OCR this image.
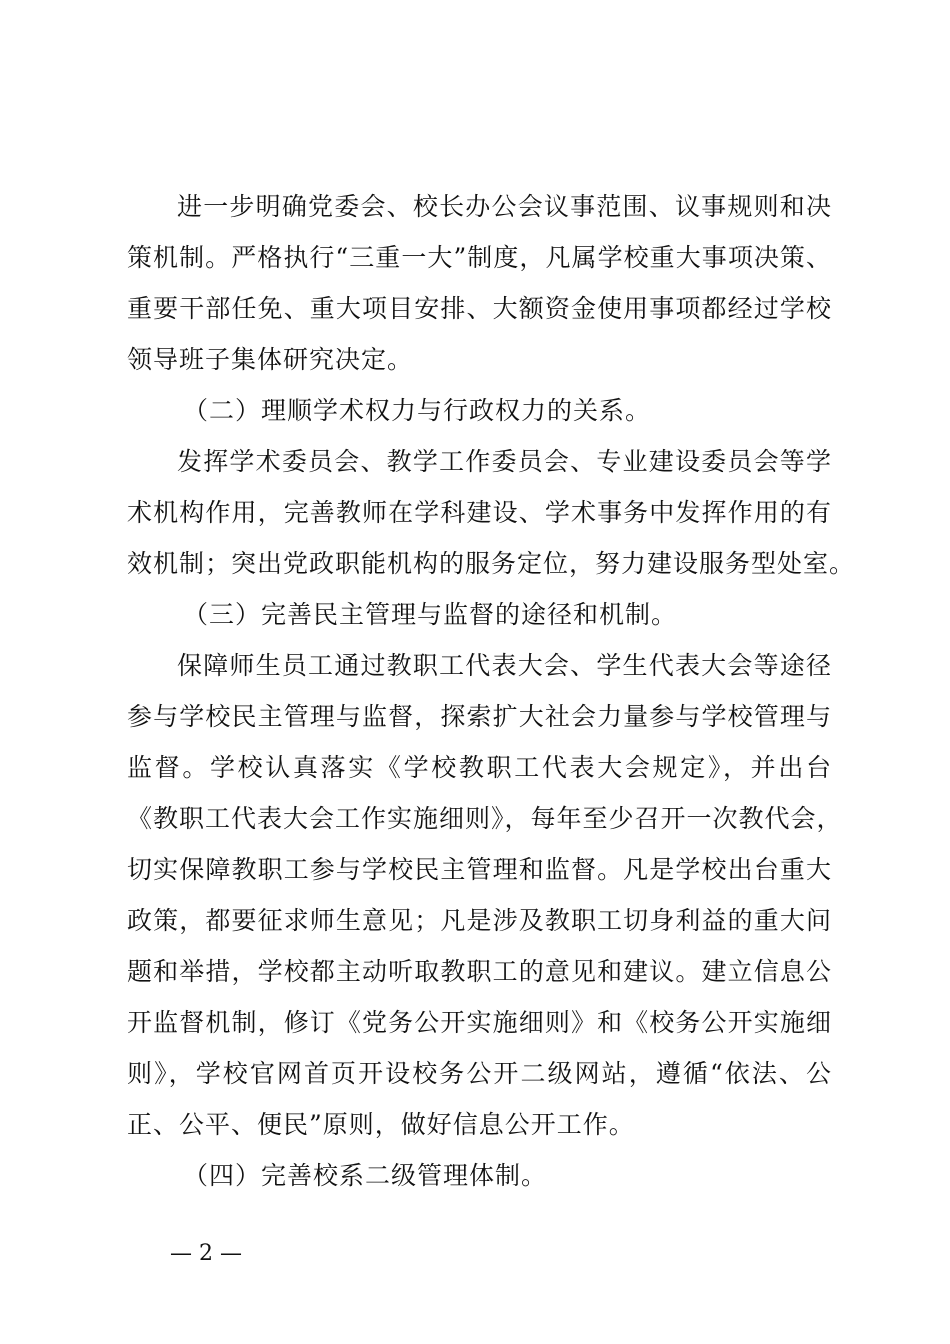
进一步明确党委会、校长办公会议事范围、议事规则和决
策机制。严格执行“三重一大”制度，凡属学校重大事项决策、
重要干部任免、重大项目安排、大额资金使用事项都经过学校
领导班子集体研究决定。
（二）理顺学术权力与行政权力的关系。
发挥学术委员会、教学工作委员会、专业建设委员会等学
术机构作用，完善教师在学科建设、学术事务中发挥作用的有
效机制；突出党政职能机构的服务定位，努力建设服务型处室。
（三）完善民主管理与监督的途径和机制。
保障师生员工通过教职工代表大会、学生代表大会等途径
参与学校民主管理与监督，探索扩大社会力量参与学校管理与
监督。学校认真落实《学校教职工代表大会规定》，并出台
《教职工代表大会工作实施细则》，每年至少召开一次教代会，
切实保障教职工参与学校民主管理和监督。凡是学校出台重大
政策，都要征求师生意见；凡是涉及教职工切身利益的重大问
题和举措，学校都主动听取教职工的意见和建议。建立信息公
开监督机制，修订《党务公开实施细则》和《校务公开实施细
则》，学校官网首页开设校务公开二级网站，遵循“依法、公
正、公平、便民”原则，做好信息公开工作。
（四）完善校系二级管理体制。
— 2 —
